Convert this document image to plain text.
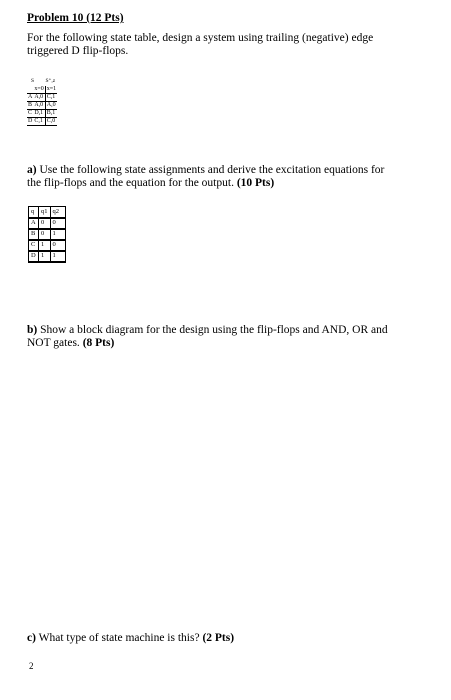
Problem 10 (12 Pts)
For the following state table, design a system using trailing (negative) edge
triggered D flip-flops.
S S⁺,z
	x=0	x=1
A	A,0	C,1
B	A,0	A,0
C	D,1	B,1
D	C,1	C,0
a) Use the following state assignments and derive the excitation equations for
the flip-flops and the equation for the output. (10 Pts)
q	q1	q2
A	0	0
B	0	1
C	1	0
D	1	1
b) Show a block diagram for the design using the flip-flops and AND, OR and
NOT gates. (8 Pts)
c) What type of state machine is this? (2 Pts)
2
